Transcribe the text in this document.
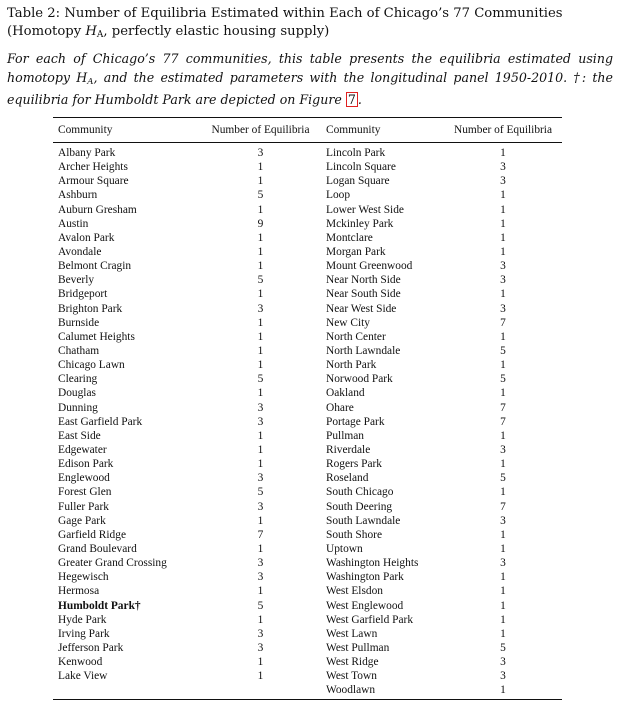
Table 2: Number of Equilibria Estimated within Each of Chicago’s 77 Communities (Homotopy $H_A$, perfectly elastic housing supply)
For each of Chicago’s 77 communities, this table presents the equilibria estimated using homotopy $H_A$, and the estimated parameters with the longitudinal panel 1950-2010. †: the equilibria for Humboldt Park are depicted on Figure 7 .
Community	Number of Equilibria	Community	Number of Equilibria
Albany Park	3	Lincoln Park	1
Archer Heights	1	Lincoln Square	3
Armour Square	1	Logan Square	3
Ashburn	5	Loop	1
Auburn Gresham	1	Lower West Side	1
Austin	9	Mckinley Park	1
Avalon Park	1	Montclare	1
Avondale	1	Morgan Park	1
Belmont Cragin	1	Mount Greenwood	3
Beverly	5	Near North Side	3
Bridgeport	1	Near South Side	1
Brighton Park	3	Near West Side	3
Burnside	1	New City	7
Calumet Heights	1	North Center	1
Chatham	1	North Lawndale	5
Chicago Lawn	1	North Park	1
Clearing	5	Norwood Park	5
Douglas	1	Oakland	1
Dunning	3	Ohare	7
East Garfield Park	3	Portage Park	7
East Side	1	Pullman	1
Edgewater	1	Riverdale	3
Edison Park	1	Rogers Park	1
Englewood	3	Roseland	5
Forest Glen	5	South Chicago	1
Fuller Park	3	South Deering	7
Gage Park	1	South Lawndale	3
Garfield Ridge	7	South Shore	1
Grand Boulevard	1	Uptown	1
Greater Grand Crossing	3	Washington Heights	3
Hegewisch	3	Washington Park	1
Hermosa	1	West Elsdon	1
Humboldt Park†	5	West Englewood	1
Hyde Park	1	West Garfield Park	1
Irving Park	3	West Lawn	1
Jefferson Park	3	West Pullman	5
Kenwood	1	West Ridge	3
Lake View	1	West Town	3
		Woodlawn	1
